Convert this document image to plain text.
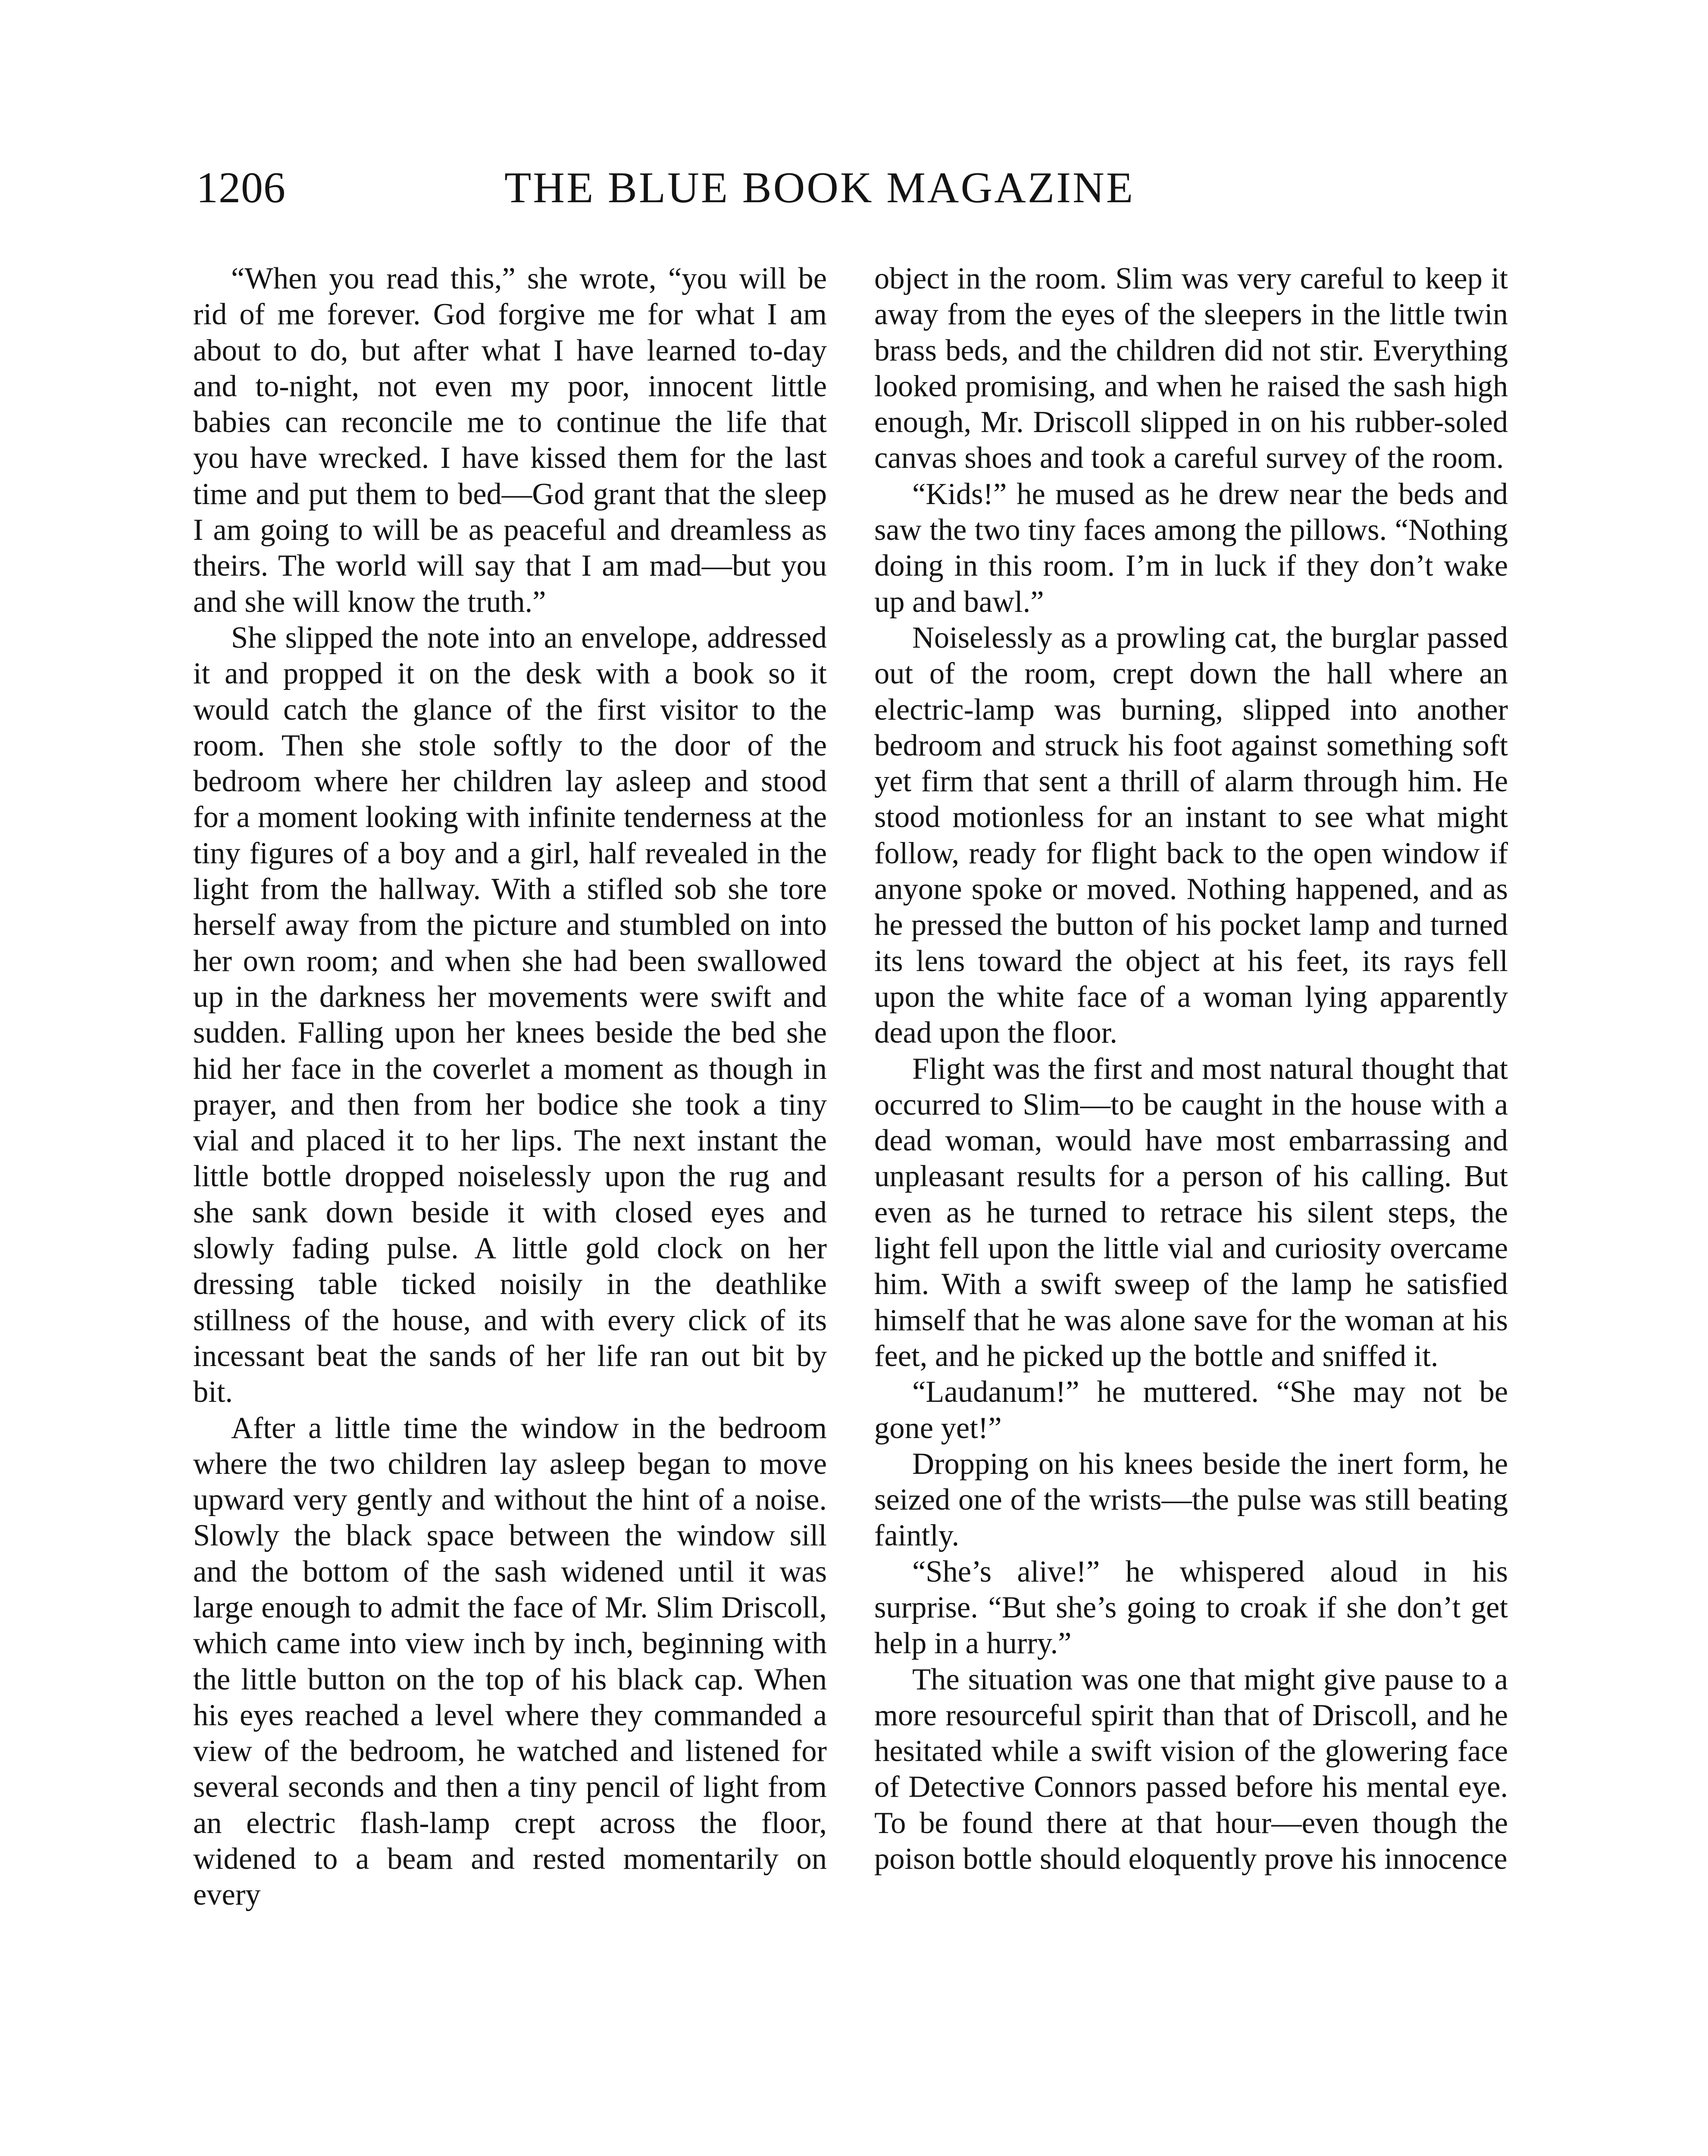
1206	THE BLUE BOOK MAGAZINE

“When you read this,” she wrote, “you will be rid of me forever. God forgive me for what I am about to do, but after what I have learned to-day and to-night, not even my poor, innocent little babies can reconcile me to continue the life that you have wrecked. I have kissed them for the last time and put them to bed—God grant that the sleep I am going to will be as peaceful and dreamless as theirs. The world will say that I am mad—but you and she will know the truth.”

She slipped the note into an envelope, addressed it and propped it on the desk with a book so it would catch the glance of the first visitor to the room. Then she stole softly to the door of the bedroom where her children lay asleep and stood for a moment looking with infinite tenderness at the tiny figures of a boy and a girl, half revealed in the light from the hallway. With a stifled sob she tore herself away from the picture and stumbled on into her own room; and when she had been swallowed up in the darkness her movements were swift and sudden. Falling upon her knees beside the bed she hid her face in the coverlet a moment as though in prayer, and then from her bodice she took a tiny vial and placed it to her lips. The next instant the little bottle dropped noiselessly upon the rug and she sank down beside it with closed eyes and slowly fading pulse. A little gold clock on her dressing table ticked noisily in the deathlike stillness of the house, and with every click of its incessant beat the sands of her life ran out bit by bit.

After a little time the window in the bedroom where the two children lay asleep began to move upward very gently and without the hint of a noise. Slowly the black space between the window sill and the bottom of the sash widened until it was large enough to admit the face of Mr. Slim Driscoll, which came into view inch by inch, beginning with the little button on the top of his black cap. When his eyes reached a level where they commanded a view of the bedroom, he watched and listened for several seconds and then a tiny pencil of light from an electric flash-lamp crept across the floor, widened to a beam and rested momentarily on every

object in the room. Slim was very careful to keep it away from the eyes of the sleepers in the little twin brass beds, and the children did not stir. Everything looked promising, and when he raised the sash high enough, Mr. Driscoll slipped in on his rubber-soled canvas shoes and took a careful survey of the room.

“Kids!” he mused as he drew near the beds and saw the two tiny faces among the pillows. “Nothing doing in this room. I’m in luck if they don’t wake up and bawl.”

Noiselessly as a prowling cat, the burglar passed out of the room, crept down the hall where an electric-lamp was burning, slipped into another bedroom and struck his foot against something soft yet firm that sent a thrill of alarm through him. He stood motionless for an instant to see what might follow, ready for flight back to the open window if anyone spoke or moved. Nothing happened, and as he pressed the button of his pocket lamp and turned its lens toward the object at his feet, its rays fell upon the white face of a woman lying apparently dead upon the floor.

Flight was the first and most natural thought that occurred to Slim—to be caught in the house with a dead woman, would have most embarrassing and unpleasant results for a person of his calling. But even as he turned to retrace his silent steps, the light fell upon the little vial and curiosity overcame him. With a swift sweep of the lamp he satisfied himself that he was alone save for the woman at his feet, and he picked up the bottle and sniffed it.

“Laudanum!” he muttered. “She may not be gone yet!”

Dropping on his knees beside the inert form, he seized one of the wrists—the pulse was still beating faintly.

“She’s alive!” he whispered aloud in his surprise. “But she’s going to croak if she don’t get help in a hurry.”

The situation was one that might give pause to a more resourceful spirit than that of Driscoll, and he hesitated while a swift vision of the glowering face of Detective Connors passed before his mental eye. To be found there at that hour—even though the poison bottle should eloquently prove his innocence
